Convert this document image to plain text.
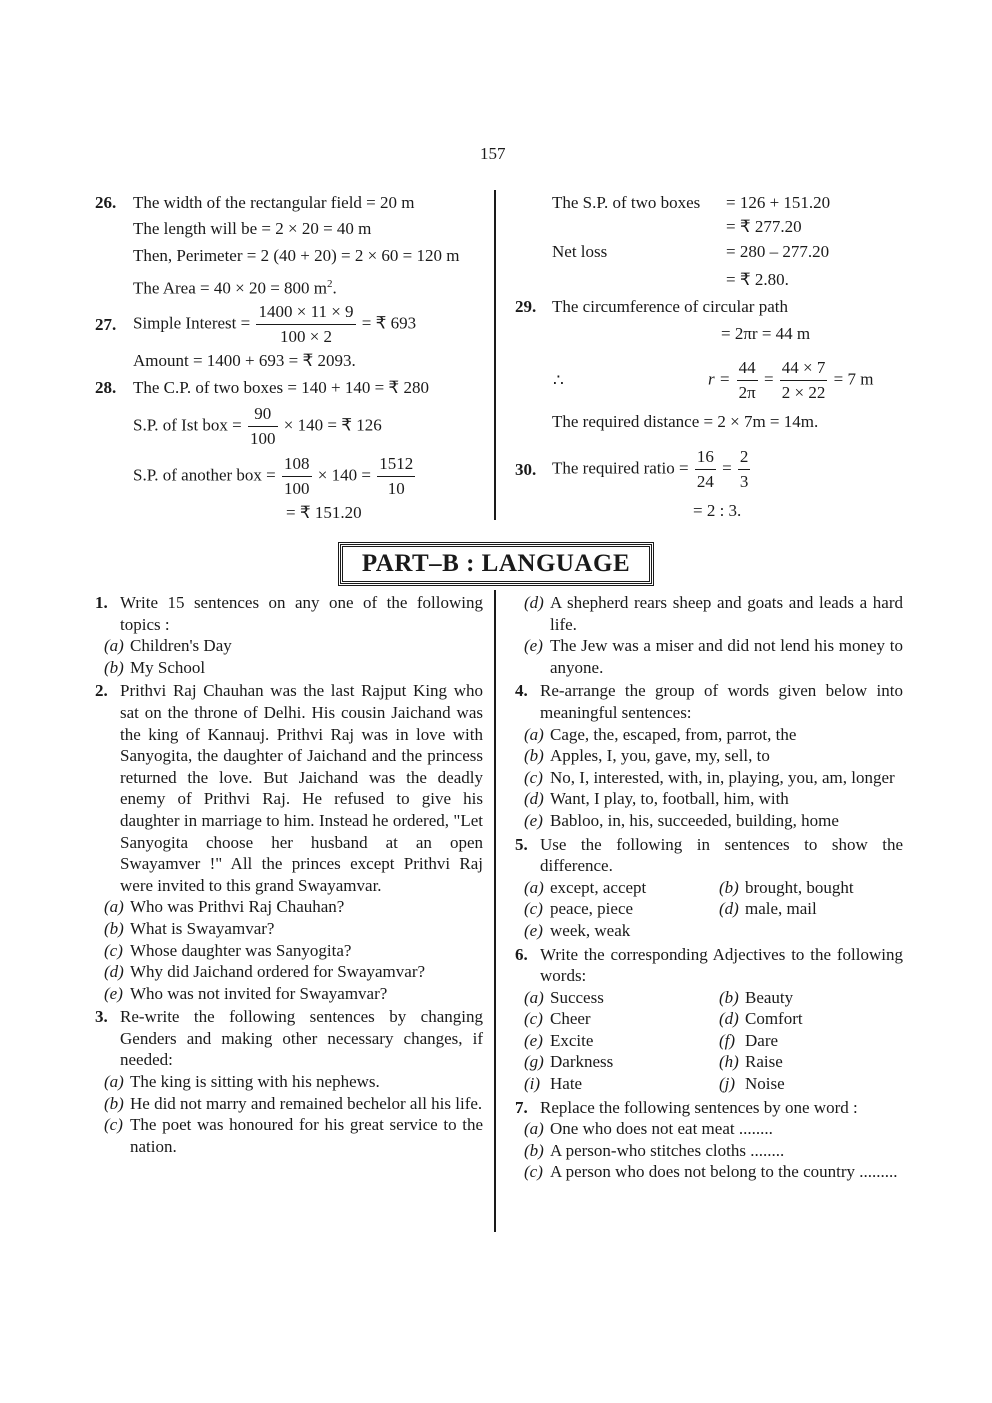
157
26. The width of the rectangular field = 20 m
The length will be = 2 × 20 = 40 m
Then, Perimeter = 2 (40 + 20) = 2 × 60 = 120 m
The Area = 40 × 20 = 800 $m^2$.
27. Simple Interest = $\frac{1400 \times 11 \times 9}{100 \times 2}$ = ₹ 693
Amount = 1400 + 693 = ₹ 2093.
28. The C.P. of two boxes = 140 + 140 = ₹ 280
S.P. of Ist box = $\frac{90}{100} \times 140$ = ₹ 126
S.P. of another box = $\frac{108}{100} \times 140 = \frac{1512}{10}$
= ₹ 151.20
The S.P. of two boxes = 126 + 151.20
= ₹ 277.20
Net loss	= 280 – 277.20
= ₹ 2.80.
29. The circumference of circular path
= 2πr = 44 m
∴	$r = \frac{44}{2\pi} = \frac{44 \times 7}{2 \times 22} = 7$ m
The required distance = 2 × 7m = 14m.
30. The required ratio = $\frac{16}{24} = \frac{2}{3}$
= 2 : 3.
PART–B : LANGUAGE
1. Write 15 sentences on any one of the following topics :
(a) Children's Day
(b) My School
2. Prithvi Raj Chauhan was the last Rajput King who sat on the throne of Delhi. His cousin Jaichand was the king of Kannauj. Prithvi Raj was in love with Sanyogita, the daughter of Jaichand and the princess returned the love. But Jaichand was the deadly enemy of Prithvi Raj. He refused to give his daughter in marriage to him. Instead he ordered, "Let Sanyogita choose her husband at an open Swayamver !" All the princes except Prithvi Raj were invited to this grand Swayamvar.
(a) Who was Prithvi Raj Chauhan?
(b) What is Swayamvar?
(c) Whose daughter was Sanyogita?
(d) Why did Jaichand ordered for Swayamvar?
(e) Who was not invited for Swayamvar?
3. Re-write the following sentences by changing Genders and making other necessary changes, if needed:
(a) The king is sitting with his nephews.
(b) He did not marry and remained bechelor all his life.
(c) The poet was honoured for his great service to the nation.
(d) A shepherd rears sheep and goats and leads a hard life.
(e) The Jew was a miser and did not lend his money to anyone.
4. Re-arrange the group of words given below into meaningful sentences:
(a) Cage, the, escaped, from, parrot, the
(b) Apples, I, you, gave, my, sell, to
(c) No, I, interested, with, in, playing, you, am, longer
(d) Want, I play, to, football, him, with
(e) Babloo, in, his, succeeded, building, home
5. Use the following in sentences to show the difference.
(a) except, accept	(b) brought, bought
(c) peace, piece	(d) male, mail
(e) week, weak
6. Write the corresponding Adjectives to the following words:
(a) Success	(b) Beauty
(c) Cheer	(d) Comfort
(e) Excite	(f) Dare
(g) Darkness	(h) Raise
(i) Hate	(j) Noise
7. Replace the following sentences by one word :
(a) One who does not eat meat ........
(b) A person-who stitches cloths ........
(c) A person who does not belong to the country .........
